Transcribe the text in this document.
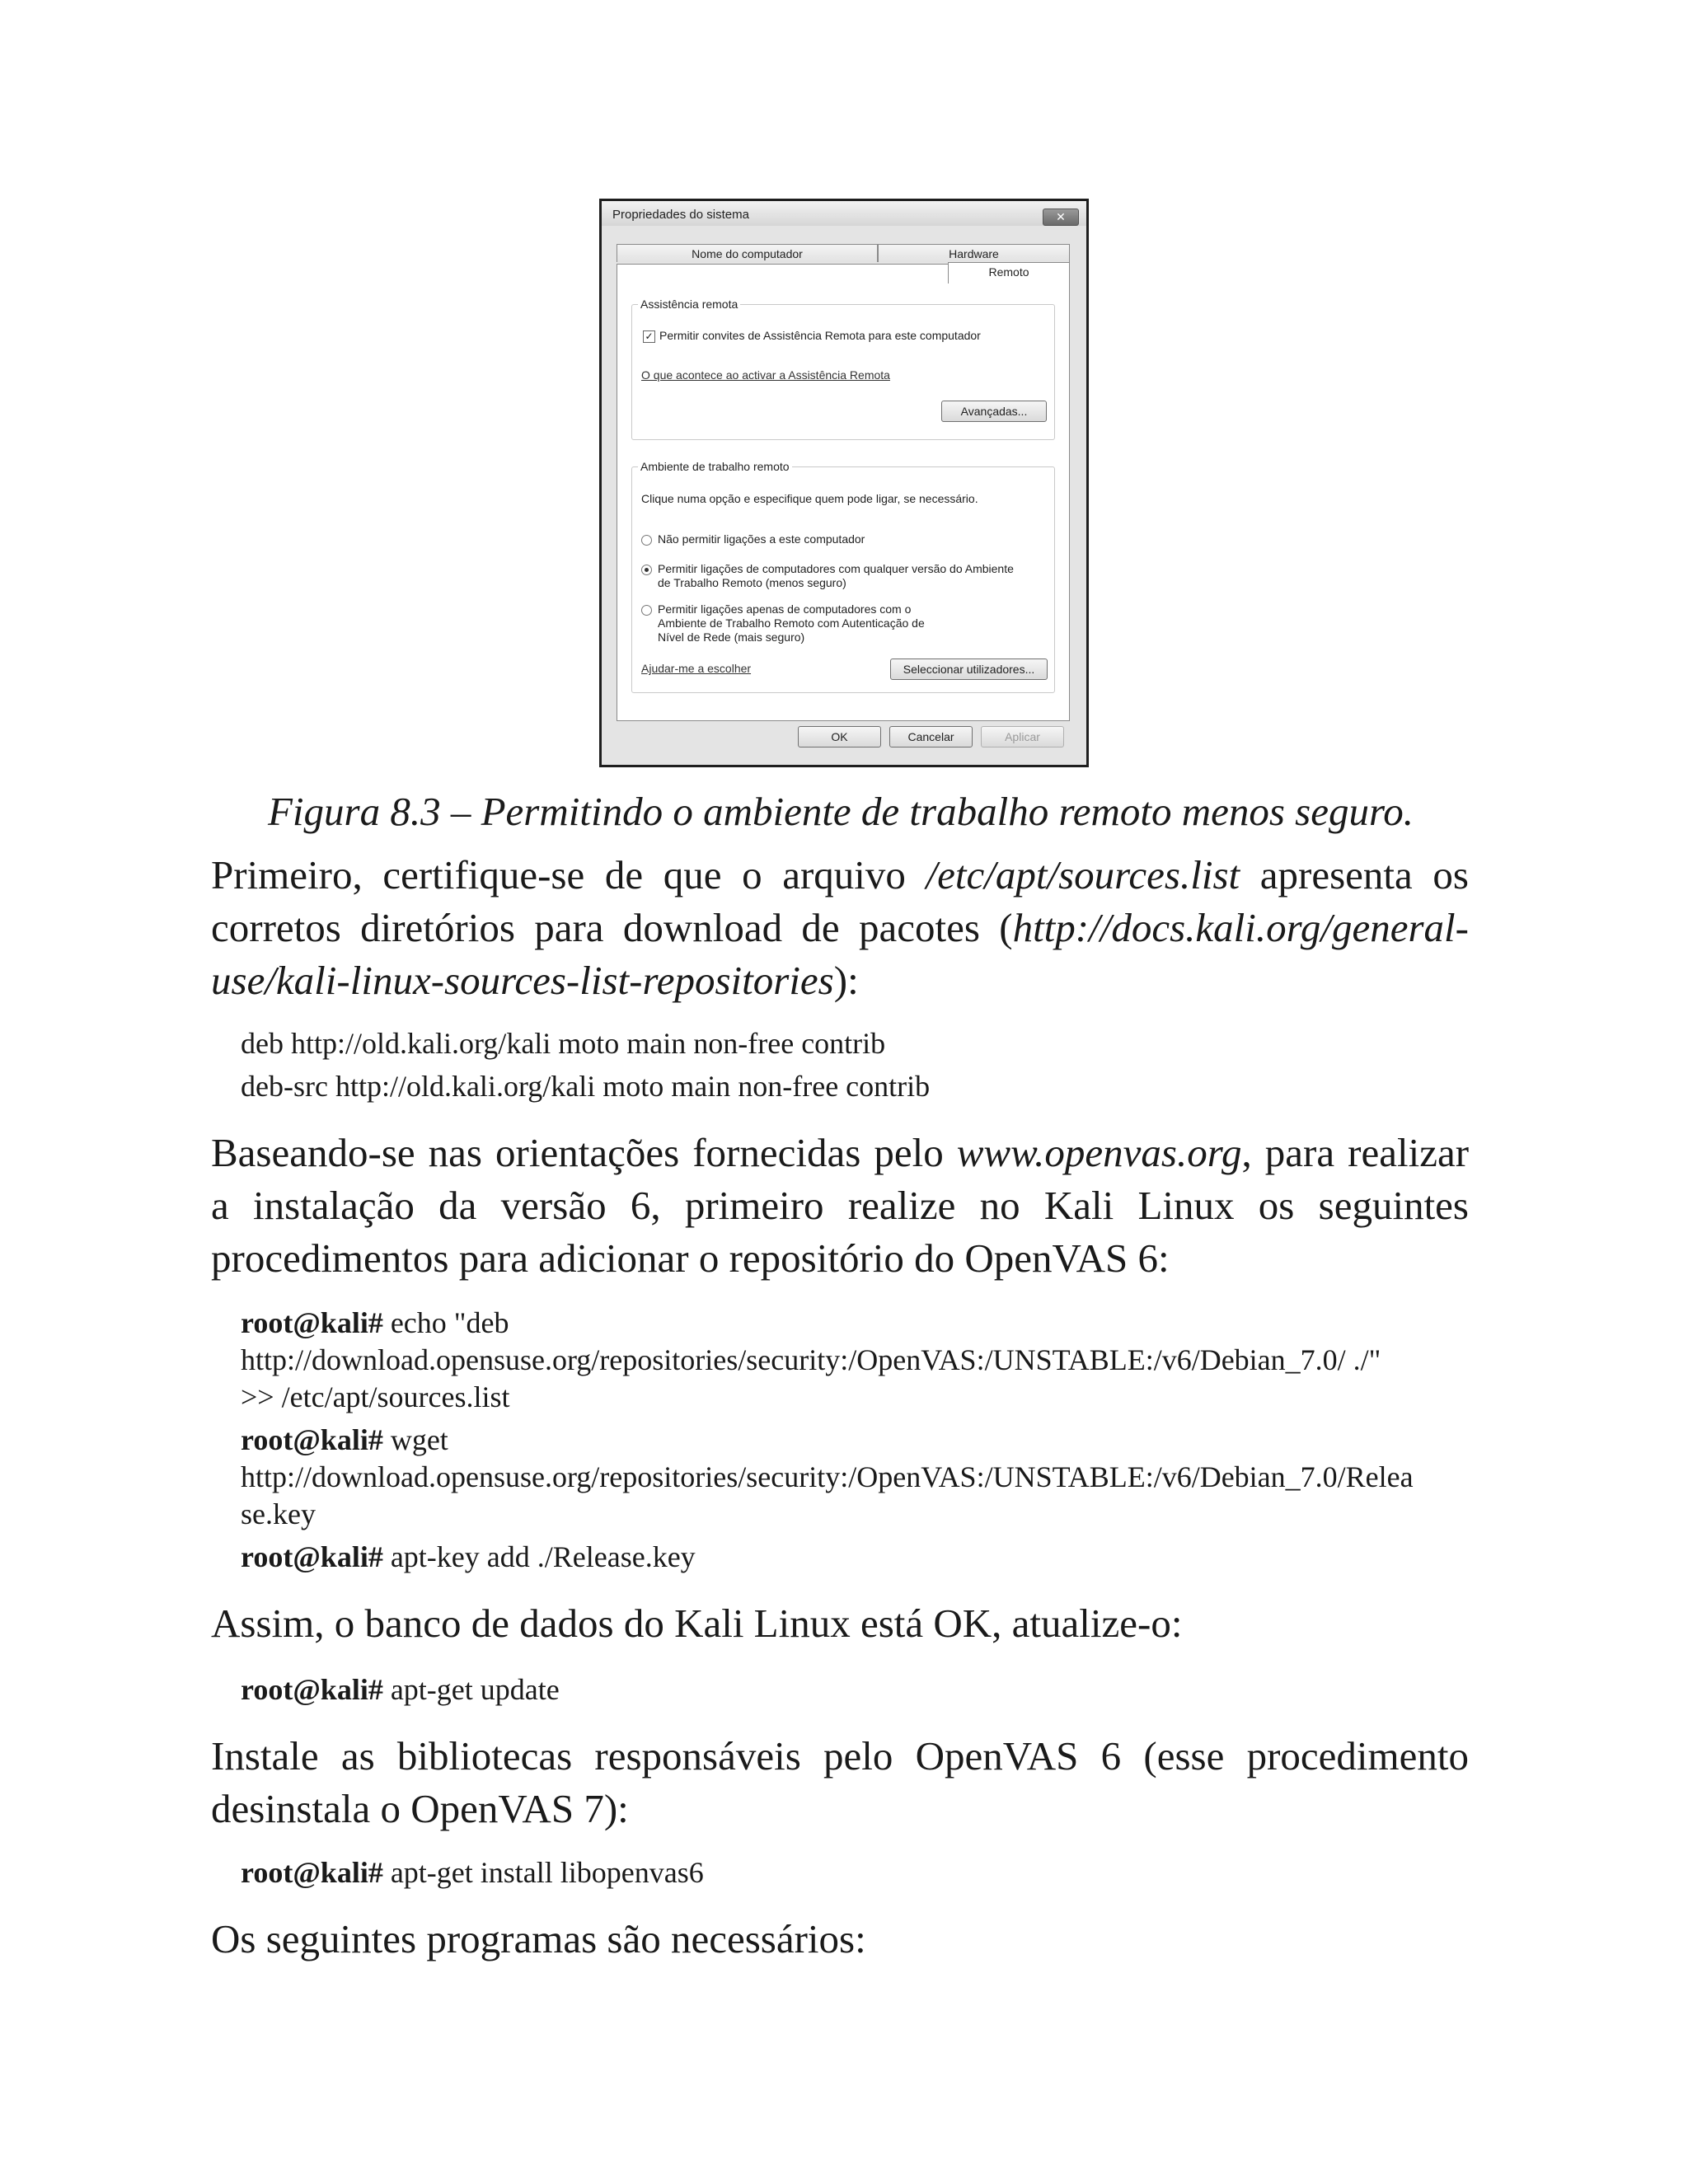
Propriedades do sistema	✕
Nome do computador	Hardware
Assistência remota
✓ Permitir convites de Assistência Remota para este computador
O que acontece ao activar a Assistência Remota
Avançadas...
Ambiente de trabalho remoto
Clique numa opção e especifique quem pode ligar, se necessário.
Não permitir ligações a este computador
Permitir ligações de computadores com qualquer versão do Ambiente
de Trabalho Remoto (menos seguro)
Permitir ligações apenas de computadores com o
Ambiente de Trabalho Remoto com Autenticação de
Nível de Rede (mais seguro)
Ajudar-me a escolher	Seleccionar utilizadores...
Remoto
OK	Cancelar	Aplicar
Figura 8.3 – Permitindo o ambiente de trabalho remoto menos seguro.

Primeiro, certifique-se de que o arquivo /etc/apt/sources.list apresenta os corretos diretórios para download de pacotes (http://docs.kali.org/general-use/kali-linux-sources-list-repositories):

deb http://old.kali.org/kali moto main non-free contrib
deb-src http://old.kali.org/kali moto main non-free contrib

Baseando-se nas orientações fornecidas pelo www.openvas.org, para realizar a instalação da versão 6, primeiro realize no Kali Linux os seguintes procedimentos para adicionar o repositório do OpenVAS 6:

root@kali# echo "deb
http://download.opensuse.org/repositories/security:/OpenVAS:/UNSTABLE:/v6/Debian_7.0/ ./"
>> /etc/apt/sources.list
root@kali# wget
http://download.opensuse.org/repositories/security:/OpenVAS:/UNSTABLE:/v6/Debian_7.0/Relea
se.key
root@kali# apt-key add ./Release.key

Assim, o banco de dados do Kali Linux está OK, atualize-o:

root@kali# apt-get update

Instale as bibliotecas responsáveis pelo OpenVAS 6 (esse procedimento desinstala o OpenVAS 7):

root@kali# apt-get install libopenvas6

Os seguintes programas são necessários:
